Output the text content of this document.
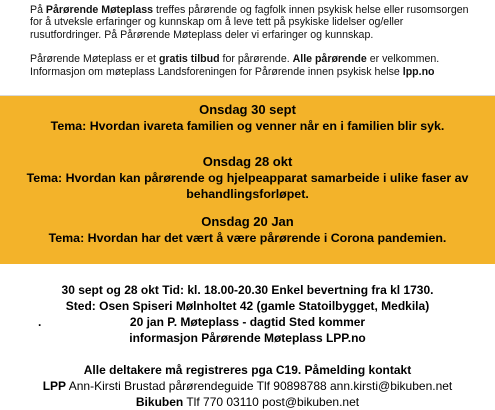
På Pårørende Møteplass treffes pårørende og fagfolk innen psykisk helse eller rusomsorgen for å utveksle erfaringer og kunnskap om å leve tett på psykiske lidelser og/eller rusutfordringer. På Pårørende Møteplass deler vi erfaringer og kunnskap.

Pårørende Møteplass er et gratis tilbud for pårørende. Alle pårørende er velkommen. Informasjon om møteplass Landsforeningen for Pårørende innen psykisk helse lpp.no

Onsdag 30 sept
Tema: Hvordan ivareta familien og venner når en i familien blir syk.
Onsdag 28 okt
Tema: Hvordan kan pårørende og hjelpeapparat samarbeide i ulike faser av behandlingsforløpet.
Onsdag 20 Jan
Tema: Hvordan har det vært å være pårørende i Corona pandemien.

30 sept og 28 okt Tid: kl. 18.00-20.30 Enkel bevertning fra kl 1730.

Sted: Osen Spiseri Mølnholtet 42 (gamle Statoilbygget, Medkila)

20 jan P. Møteplass - dagtid Sted kommer

informasjon Pårørende Møteplass LPP.no

·

Alle deltakere må registreres pga C19. Påmelding kontakt

LPP Ann-Kirsti Brustad pårørendeguide Tlf 90898788 ann.kirsti@bikuben.net

Bikuben Tlf 770 03110 post@bikuben.net
